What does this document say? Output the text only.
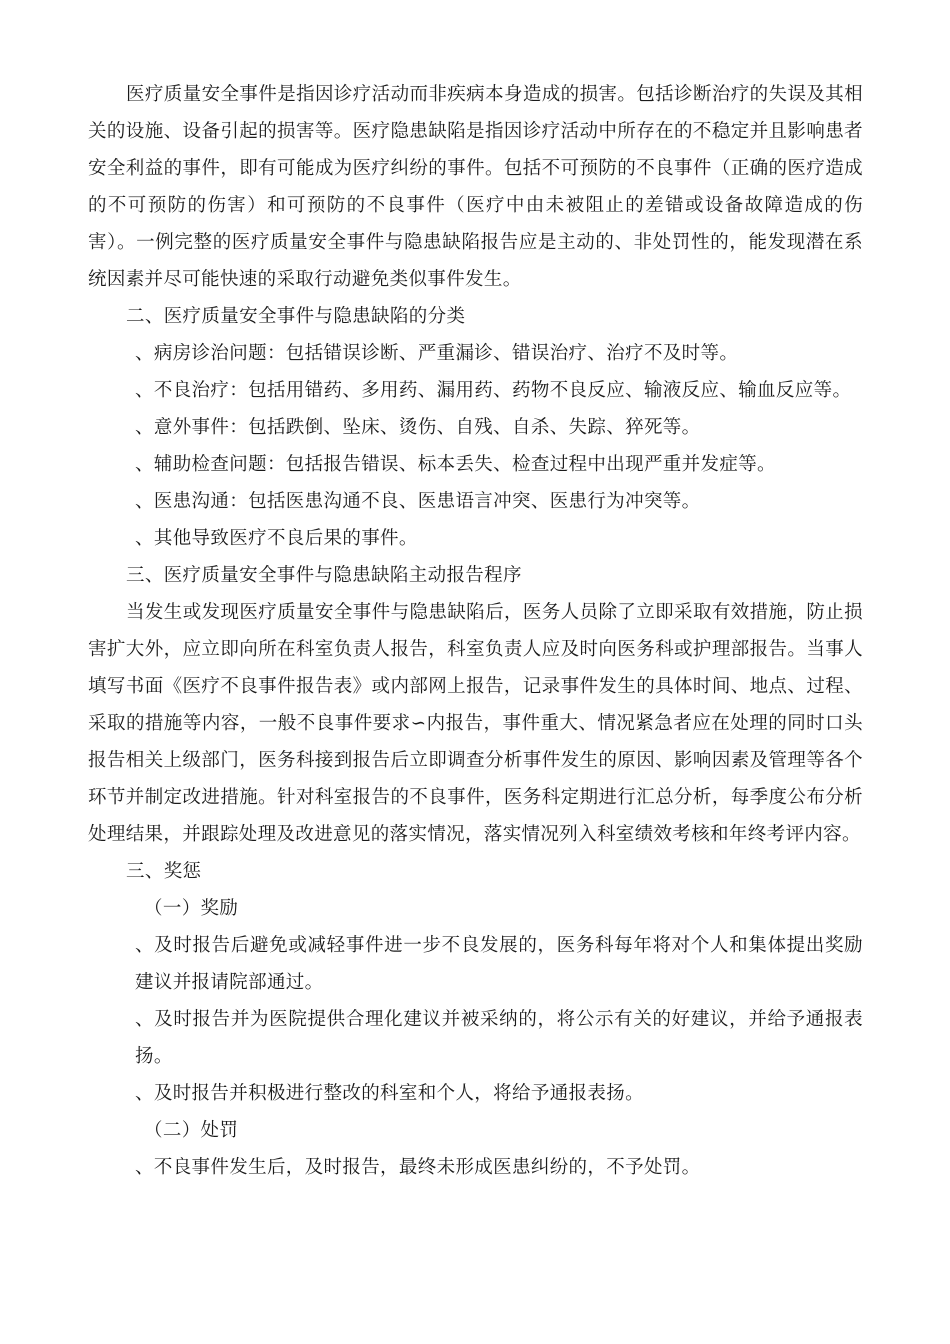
医疗质量安全事件是指因诊疗活动而非疾病本身造成的损害。包括诊断治疗的失误及其相关的设施、设备引起的损害等。医疗隐患缺陷是指因诊疗活动中所存在的不稳定并且影响患者安全利益的事件，即有可能成为医疗纠纷的事件。包括不可预防的不良事件（正确的医疗造成的不可预防的伤害）和可预防的不良事件（医疗中由未被阻止的差错或设备故障造成的伤害）。一例完整的医疗质量安全事件与隐患缺陷报告应是主动的、非处罚性的，能发现潜在系统因素并尽可能快速的采取行动避免类似事件发生。

二、医疗质量安全事件与隐患缺陷的分类

、病房诊治问题：包括错误诊断、严重漏诊、错误治疗、治疗不及时等。

、不良治疗：包括用错药、多用药、漏用药、药物不良反应、输液反应、输血反应等。

、意外事件：包括跌倒、坠床、烫伤、自残、自杀、失踪、猝死等。

、辅助检查问题：包括报告错误、标本丢失、检查过程中出现严重并发症等。

、医患沟通：包括医患沟通不良、医患语言冲突、医患行为冲突等。

、其他导致医疗不良后果的事件。

三、医疗质量安全事件与隐患缺陷主动报告程序

当发生或发现医疗质量安全事件与隐患缺陷后，医务人员除了立即采取有效措施，防止损害扩大外，应立即向所在科室负责人报告，科室负责人应及时向医务科或护理部报告。当事人填写书面《医疗不良事件报告表》或内部网上报告，记录事件发生的具体时间、地点、过程、采取的措施等内容，一般不良事件要求∽内报告，事件重大、情况紧急者应在处理的同时口头报告相关上级部门，医务科接到报告后立即调查分析事件发生的原因、影响因素及管理等各个环节并制定改进措施。针对科室报告的不良事件，医务科定期进行汇总分析，每季度公布分析处理结果，并跟踪处理及改进意见的落实情况，落实情况列入科室绩效考核和年终考评内容。

三、奖惩

（一）奖励

、及时报告后避免或减轻事件进一步不良发展的，医务科每年将对个人和集体提出奖励建议并报请院部通过。

、及时报告并为医院提供合理化建议并被采纳的，将公示有关的好建议，并给予通报表扬。

、及时报告并积极进行整改的科室和个人，将给予通报表扬。

（二）处罚

、不良事件发生后，及时报告，最终未形成医患纠纷的，不予处罚。
